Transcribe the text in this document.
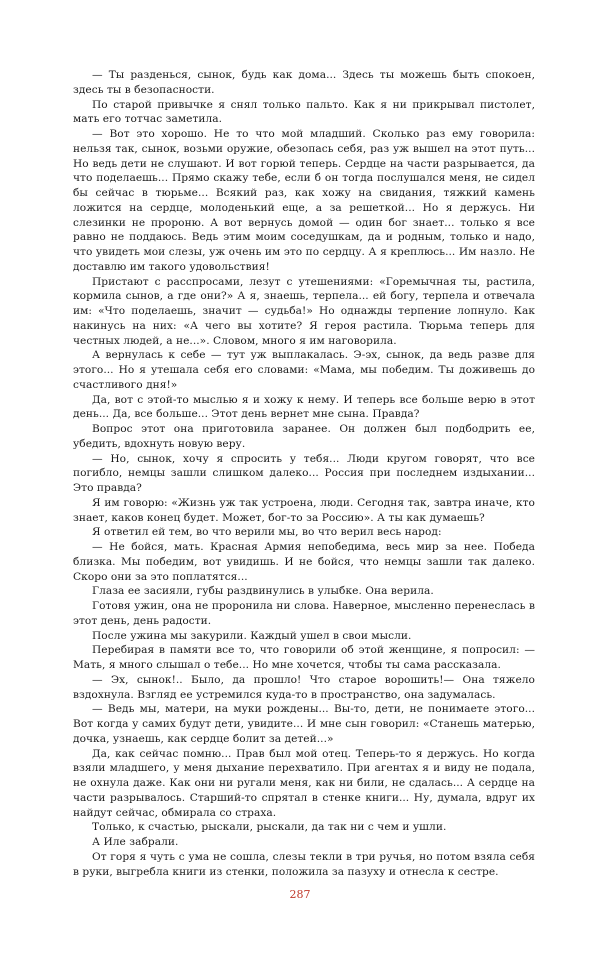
— Ты разденься, сынок, будь как дома... Здесь ты можешь быть спокоен, здесь ты в безопасности.

По старой привычке я снял только пальто. Как я ни прикрывал пистолет, мать его тотчас заметила.

— Вот это хорошо. Не то что мой младший. Сколько раз ему говорила: нельзя так, сынок, возьми оружие, обезопась себя, раз уж вышел на этот путь... Но ведь дети не слушают. И вот горюй теперь. Сердце на части разрывается, да что поделаешь... Прямо скажу тебе, если б он тогда послушался меня, не сидел бы сейчас в тюрьме... Всякий раз, как хожу на свидания, тяжкий камень ложится на сердце, молоденький еще, а за решеткой... Но я держусь. Ни слезинки не пророню. А вот вернусь домой — один бог знает... только я все равно не поддаюсь. Ведь этим моим соседушкам, да и родным, только и надо, что увидеть мои слезы, уж очень им это по сердцу. А я креплюсь... Им назло. Не доставлю им такого удовольствия!

Пристают с расспросами, лезут с утешениями: «Горемычная ты, растила, кормила сынов, а где они?» А я, знаешь, терпела... ей богу, терпела и отвечала им: «Что поделаешь, значит — судьба!» Но однажды терпение лопнуло. Как накинусь на них: «А чего вы хотите? Я героя растила. Тюрьма теперь для честных людей, а не...». Словом, много я им наговорила.

А вернулась к себе — тут уж выплакалась. Э-эх, сынок, да ведь разве для этого... Но я утешала себя его словами: «Мама, мы победим. Ты доживешь до счастливого дня!»

Да, вот с этой-то мыслью я и хожу к нему. И теперь все больше верю в этот день... Да, все больше... Этот день вернет мне сына. Правда?

Вопрос этот она приготовила заранее. Он должен был подбодрить ее, убедить, вдохнуть новую веру.

— Но, сынок, хочу я спросить у тебя... Люди кругом говорят, что все погибло, немцы зашли слишком далеко... Россия при последнем издыхании... Это правда?

Я им говорю: «Жизнь уж так устроена, люди. Сегодня так, завтра иначе, кто знает, каков конец будет. Может, бог-то за Россию». А ты как думаешь?

Я ответил ей тем, во что верили мы, во что верил весь народ:

— Не бойся, мать. Красная Армия непобедима, весь мир за нее. Победа близка. Мы победим, вот увидишь. И не бойся, что немцы зашли так далеко. Скоро они за это поплатятся...

Глаза ее засияли, губы раздвинулись в улыбке. Она верила.

Готовя ужин, она не проронила ни слова. Наверное, мысленно перенеслась в этот день, день радости.

После ужина мы закурили. Каждый ушел в свои мысли.

Перебирая в памяти все то, что говорили об этой женщине, я попросил: — Мать, я много слышал о тебе... Но мне хочется, чтобы ты сама рассказала.

— Эх, сынок!.. Было, да прошло! Что старое ворошить!— Она тяжело вздохнула. Взгляд ее устремился куда-то в пространство, она задумалась.

— Ведь мы, матери, на муки рождены... Вы-то, дети, не понимаете этого... Вот когда у самих будут дети, увидите... И мне сын говорил: «Станешь матерью, дочка, узнаешь, как сердце болит за детей...»

Да, как сейчас помню... Прав был мой отец. Теперь-то я держусь. Но когда взяли младшего, у меня дыхание перехватило. При агентах я и виду не подала, не охнула даже. Как они ни ругали меня, как ни били, не сдалась... А сердце на части разрывалось. Старший-то спрятал в стенке книги... Ну, думала, вдруг их найдут сейчас, обмирала со страха.

Только, к счастью, рыскали, рыскали, да так ни с чем и ушли.

А Иле забрали.

От горя я чуть с ума не сошла, слезы текли в три ручья, но потом взяла себя в руки, выгребла книги из стенки, положила за пазуху и отнесла к сестре.

287
